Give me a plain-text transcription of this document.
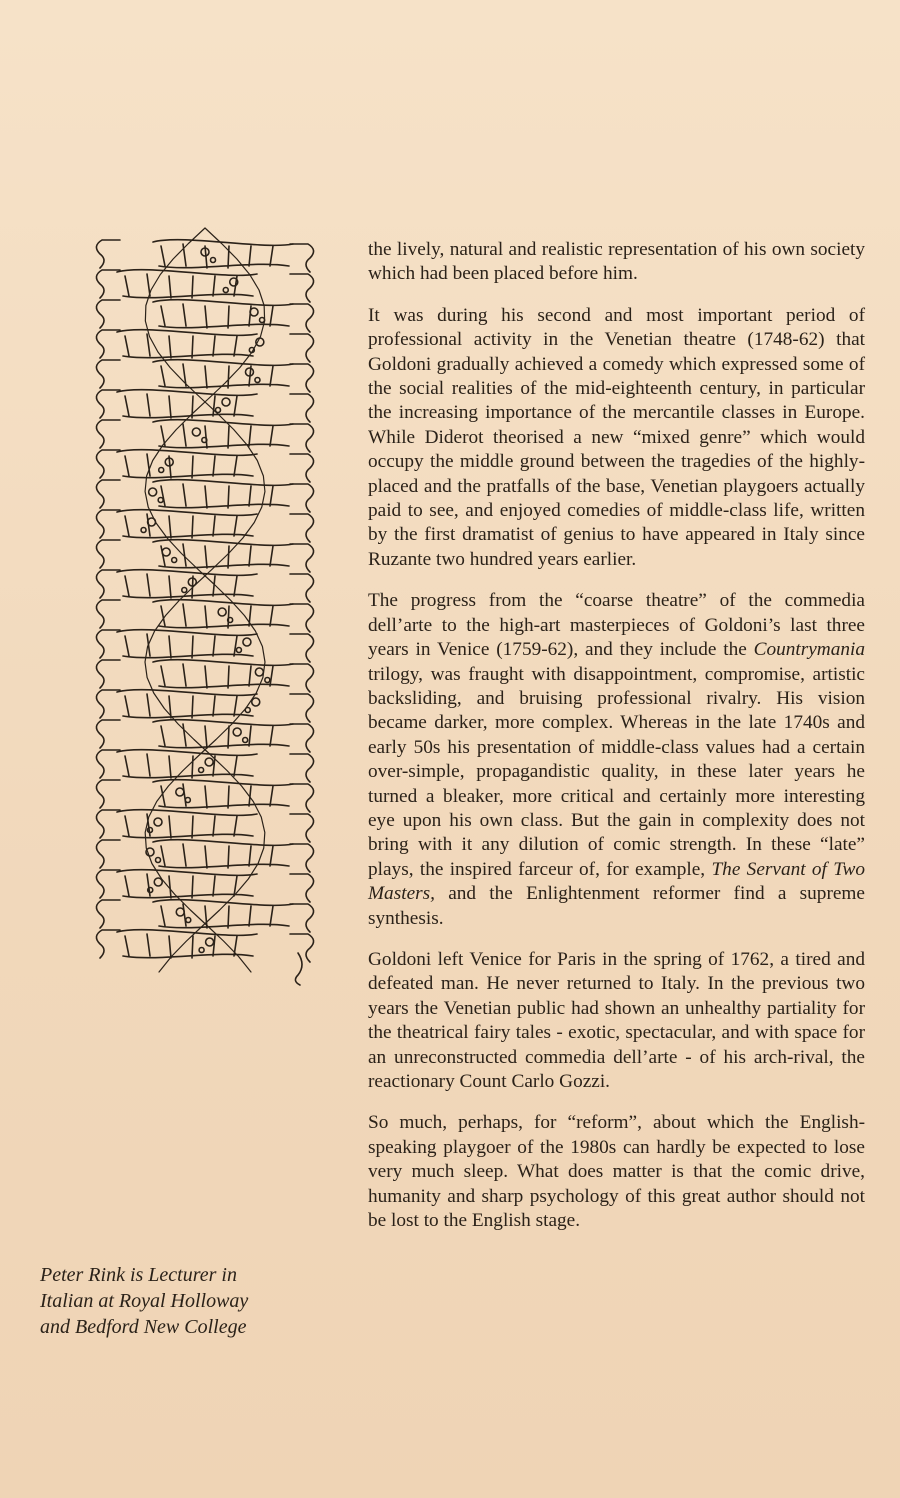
Peter Rink is Lecturer in
Italian at Royal Holloway
and Bedford New College

the lively, natural and realistic representation of his own society which had been placed before him.

It was during his second and most important period of professional activity in the Venetian theatre (1748-62) that Goldoni gradually achieved a comedy which expressed some of the social realities of the mid-eighteenth century, in particular the increasing importance of the mercantile classes in Europe. While Diderot theorised a new “mixed genre” which would occupy the middle ground between the tragedies of the highly-placed and the pratfalls of the base, Venetian playgoers actually paid to see, and enjoyed comedies of middle-class life, written by the first dramatist of genius to have appeared in Italy since Ruzante two hundred years earlier.

The progress from the “coarse theatre” of the commedia dell’arte to the high-art masterpieces of Goldoni’s last three years in Venice (1759-62), and they include the Countrymania trilogy, was fraught with disappointment, compromise, artistic backsliding, and bruising professional rivalry. His vision became darker, more complex. Whereas in the late 1740s and early 50s his presentation of middle-class values had a certain over-simple, propagandistic quality, in these later years he turned a bleaker, more critical and certainly more interesting eye upon his own class. But the gain in complexity does not bring with it any dilution of comic strength. In these “late” plays, the inspired farceur of, for example, The Servant of Two Masters, and the Enlightenment reformer find a supreme synthesis.

Goldoni left Venice for Paris in the spring of 1762, a tired and defeated man. He never returned to Italy. In the previous two years the Venetian public had shown an unhealthy partiality for the theatrical fairy tales - exotic, spectacular, and with space for an unreconstructed commedia dell’arte - of his arch-rival, the reactionary Count Carlo Gozzi.

So much, perhaps, for “reform”, about which the English-speaking playgoer of the 1980s can hardly be expected to lose very much sleep. What does matter is that the comic drive, humanity and sharp psychology of this great author should not be lost to the English stage.
